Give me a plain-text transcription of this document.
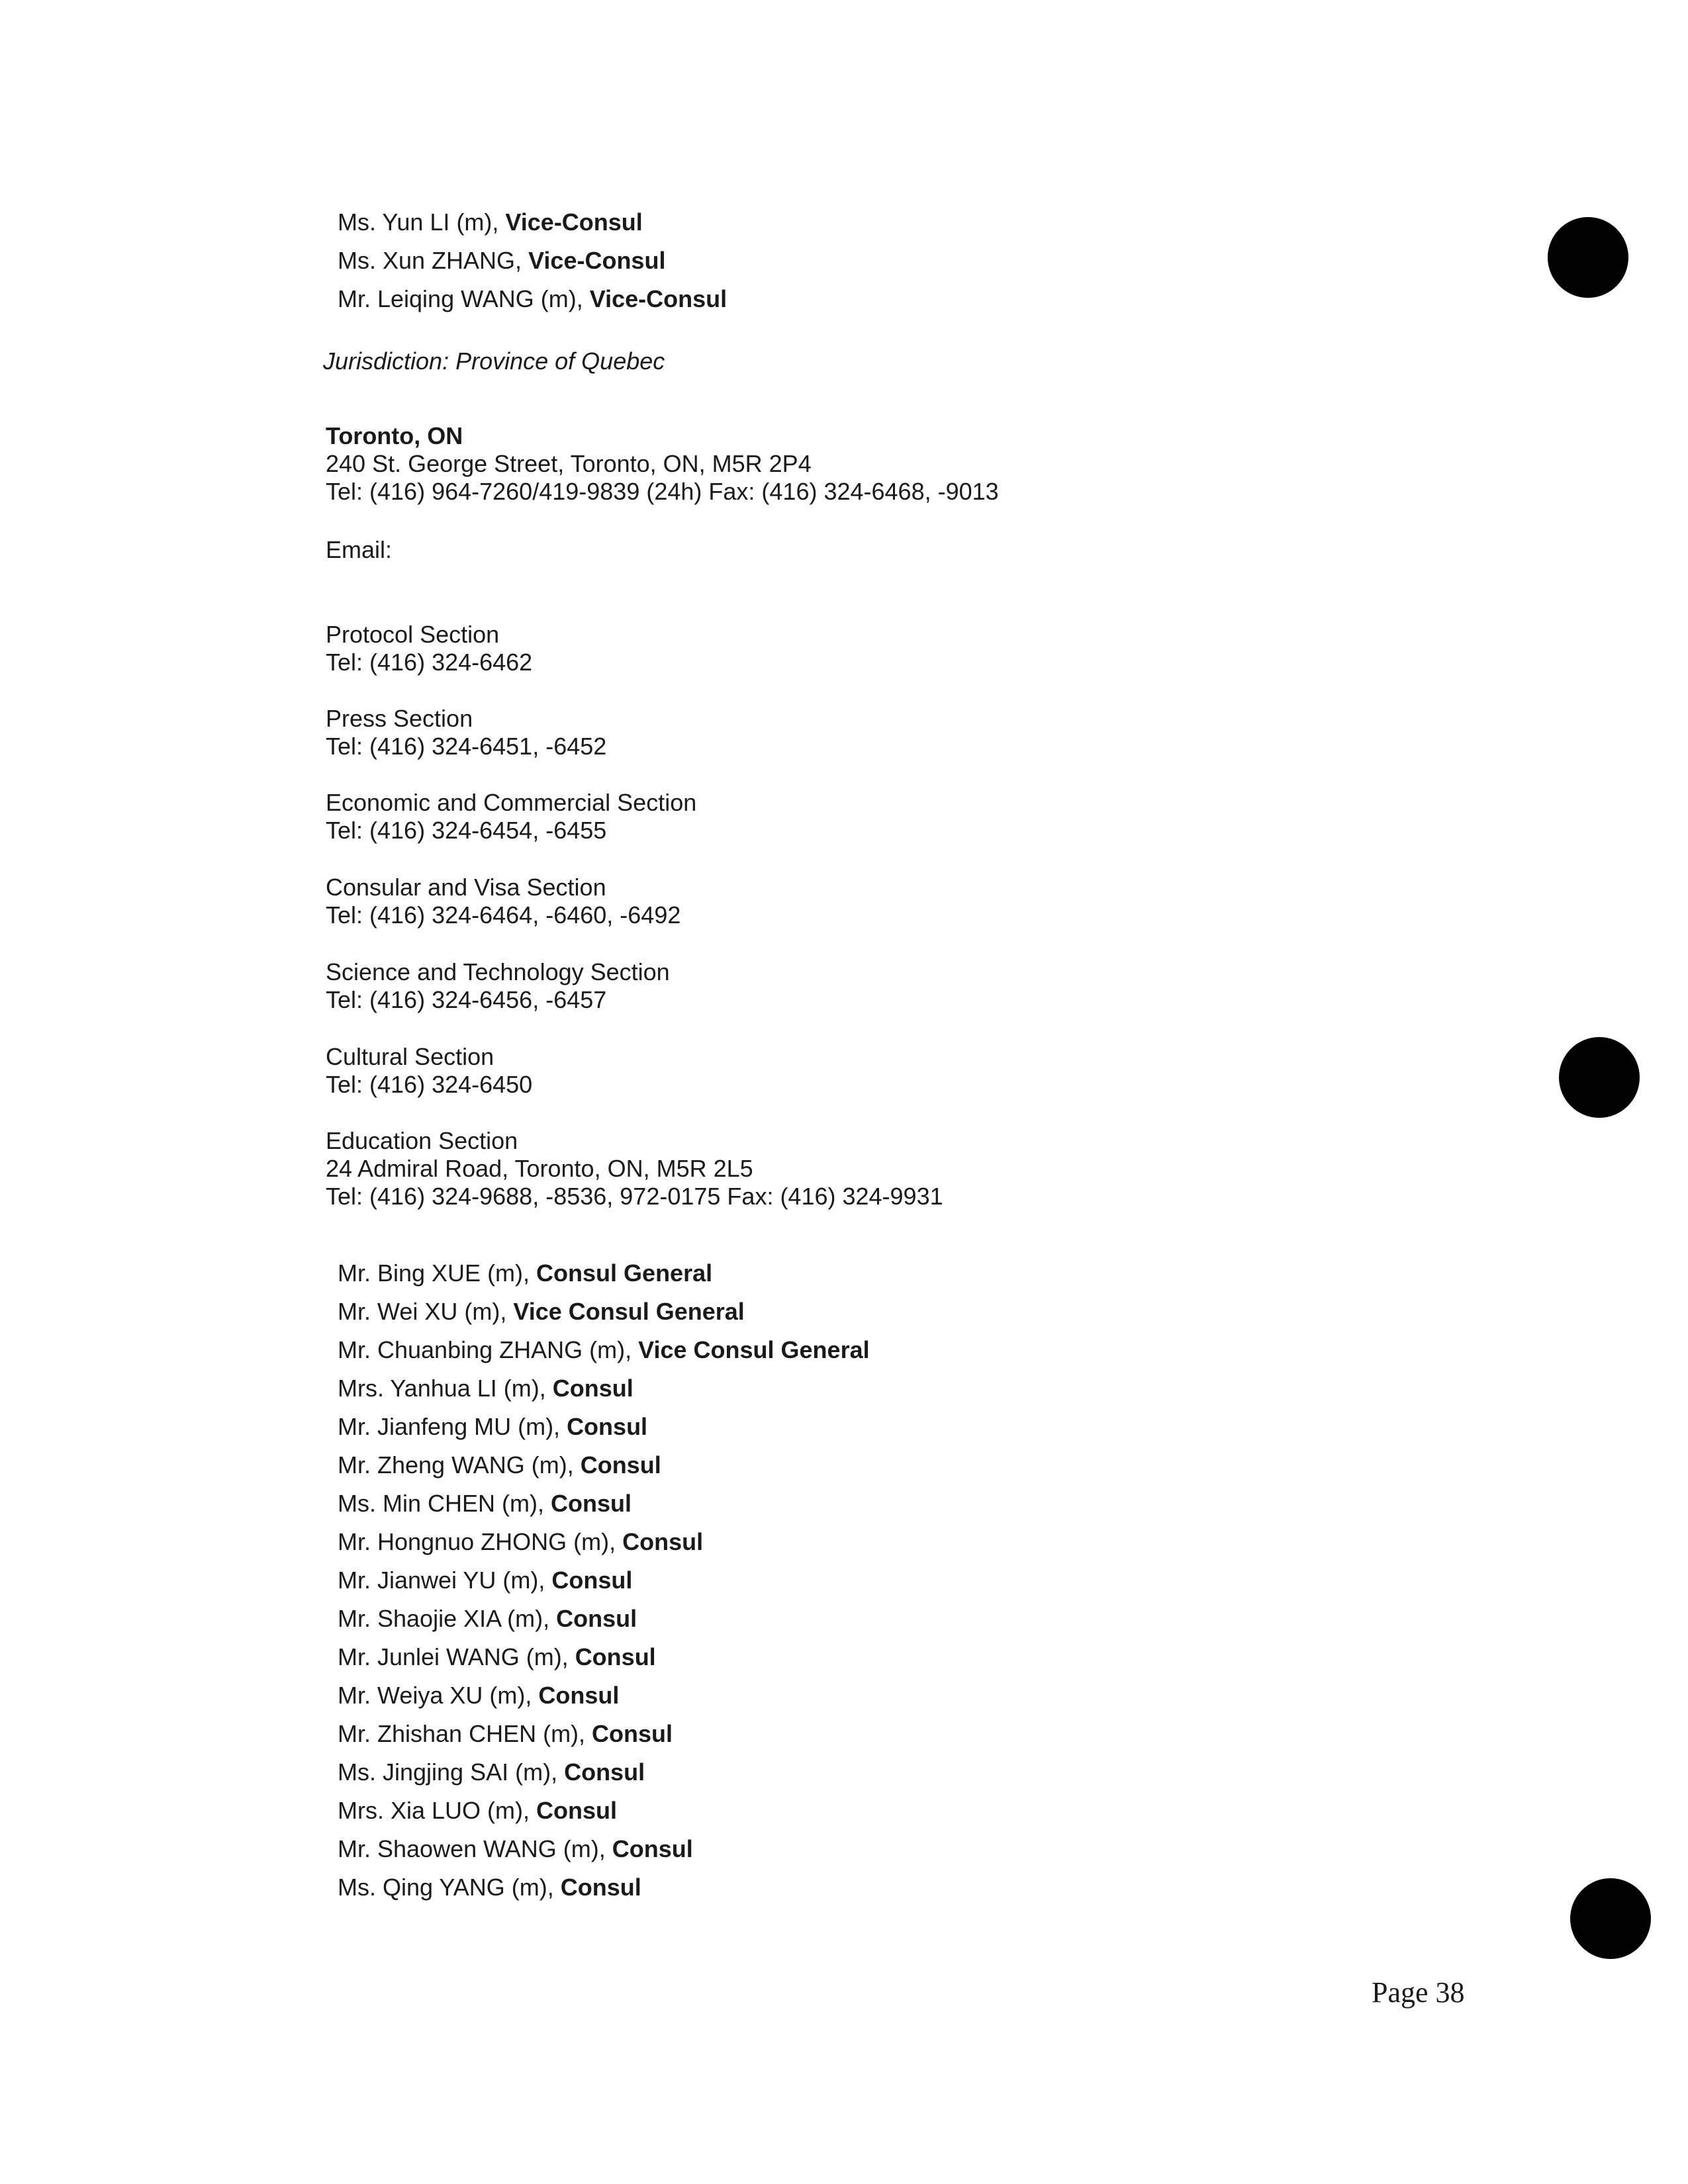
Ms. Yun LI (m), Vice-Consul
Ms. Xun ZHANG, Vice-Consul
Mr. Leiqing WANG (m), Vice-Consul
Jurisdiction: Province of Quebec
Toronto, ON
240 St. George Street, Toronto, ON, M5R 2P4
Tel: (416) 964-7260/419-9839 (24h) Fax: (416) 324-6468, -9013
Email:
Protocol Section
Tel: (416) 324-6462
Press Section
Tel: (416) 324-6451, -6452
Economic and Commercial Section
Tel: (416) 324-6454, -6455
Consular and Visa Section
Tel: (416) 324-6464, -6460, -6492
Science and Technology Section
Tel: (416) 324-6456, -6457
Cultural Section
Tel: (416) 324-6450
Education Section
24 Admiral Road, Toronto, ON, M5R 2L5
Tel: (416) 324-9688, -8536, 972-0175 Fax: (416) 324-9931
Mr. Bing XUE (m), Consul General
Mr. Wei XU (m), Vice Consul General
Mr. Chuanbing ZHANG (m), Vice Consul General
Mrs. Yanhua LI (m), Consul
Mr. Jianfeng MU (m), Consul
Mr. Zheng WANG (m), Consul
Ms. Min CHEN (m), Consul
Mr. Hongnuo ZHONG (m), Consul
Mr. Jianwei YU (m), Consul
Mr. Shaojie XIA (m), Consul
Mr. Junlei WANG (m), Consul
Mr. Weiya XU (m), Consul
Mr. Zhishan CHEN (m), Consul
Ms. Jingjing SAI (m), Consul
Mrs. Xia LUO (m), Consul
Mr. Shaowen WANG (m), Consul
Ms. Qing YANG (m), Consul
Page 38
